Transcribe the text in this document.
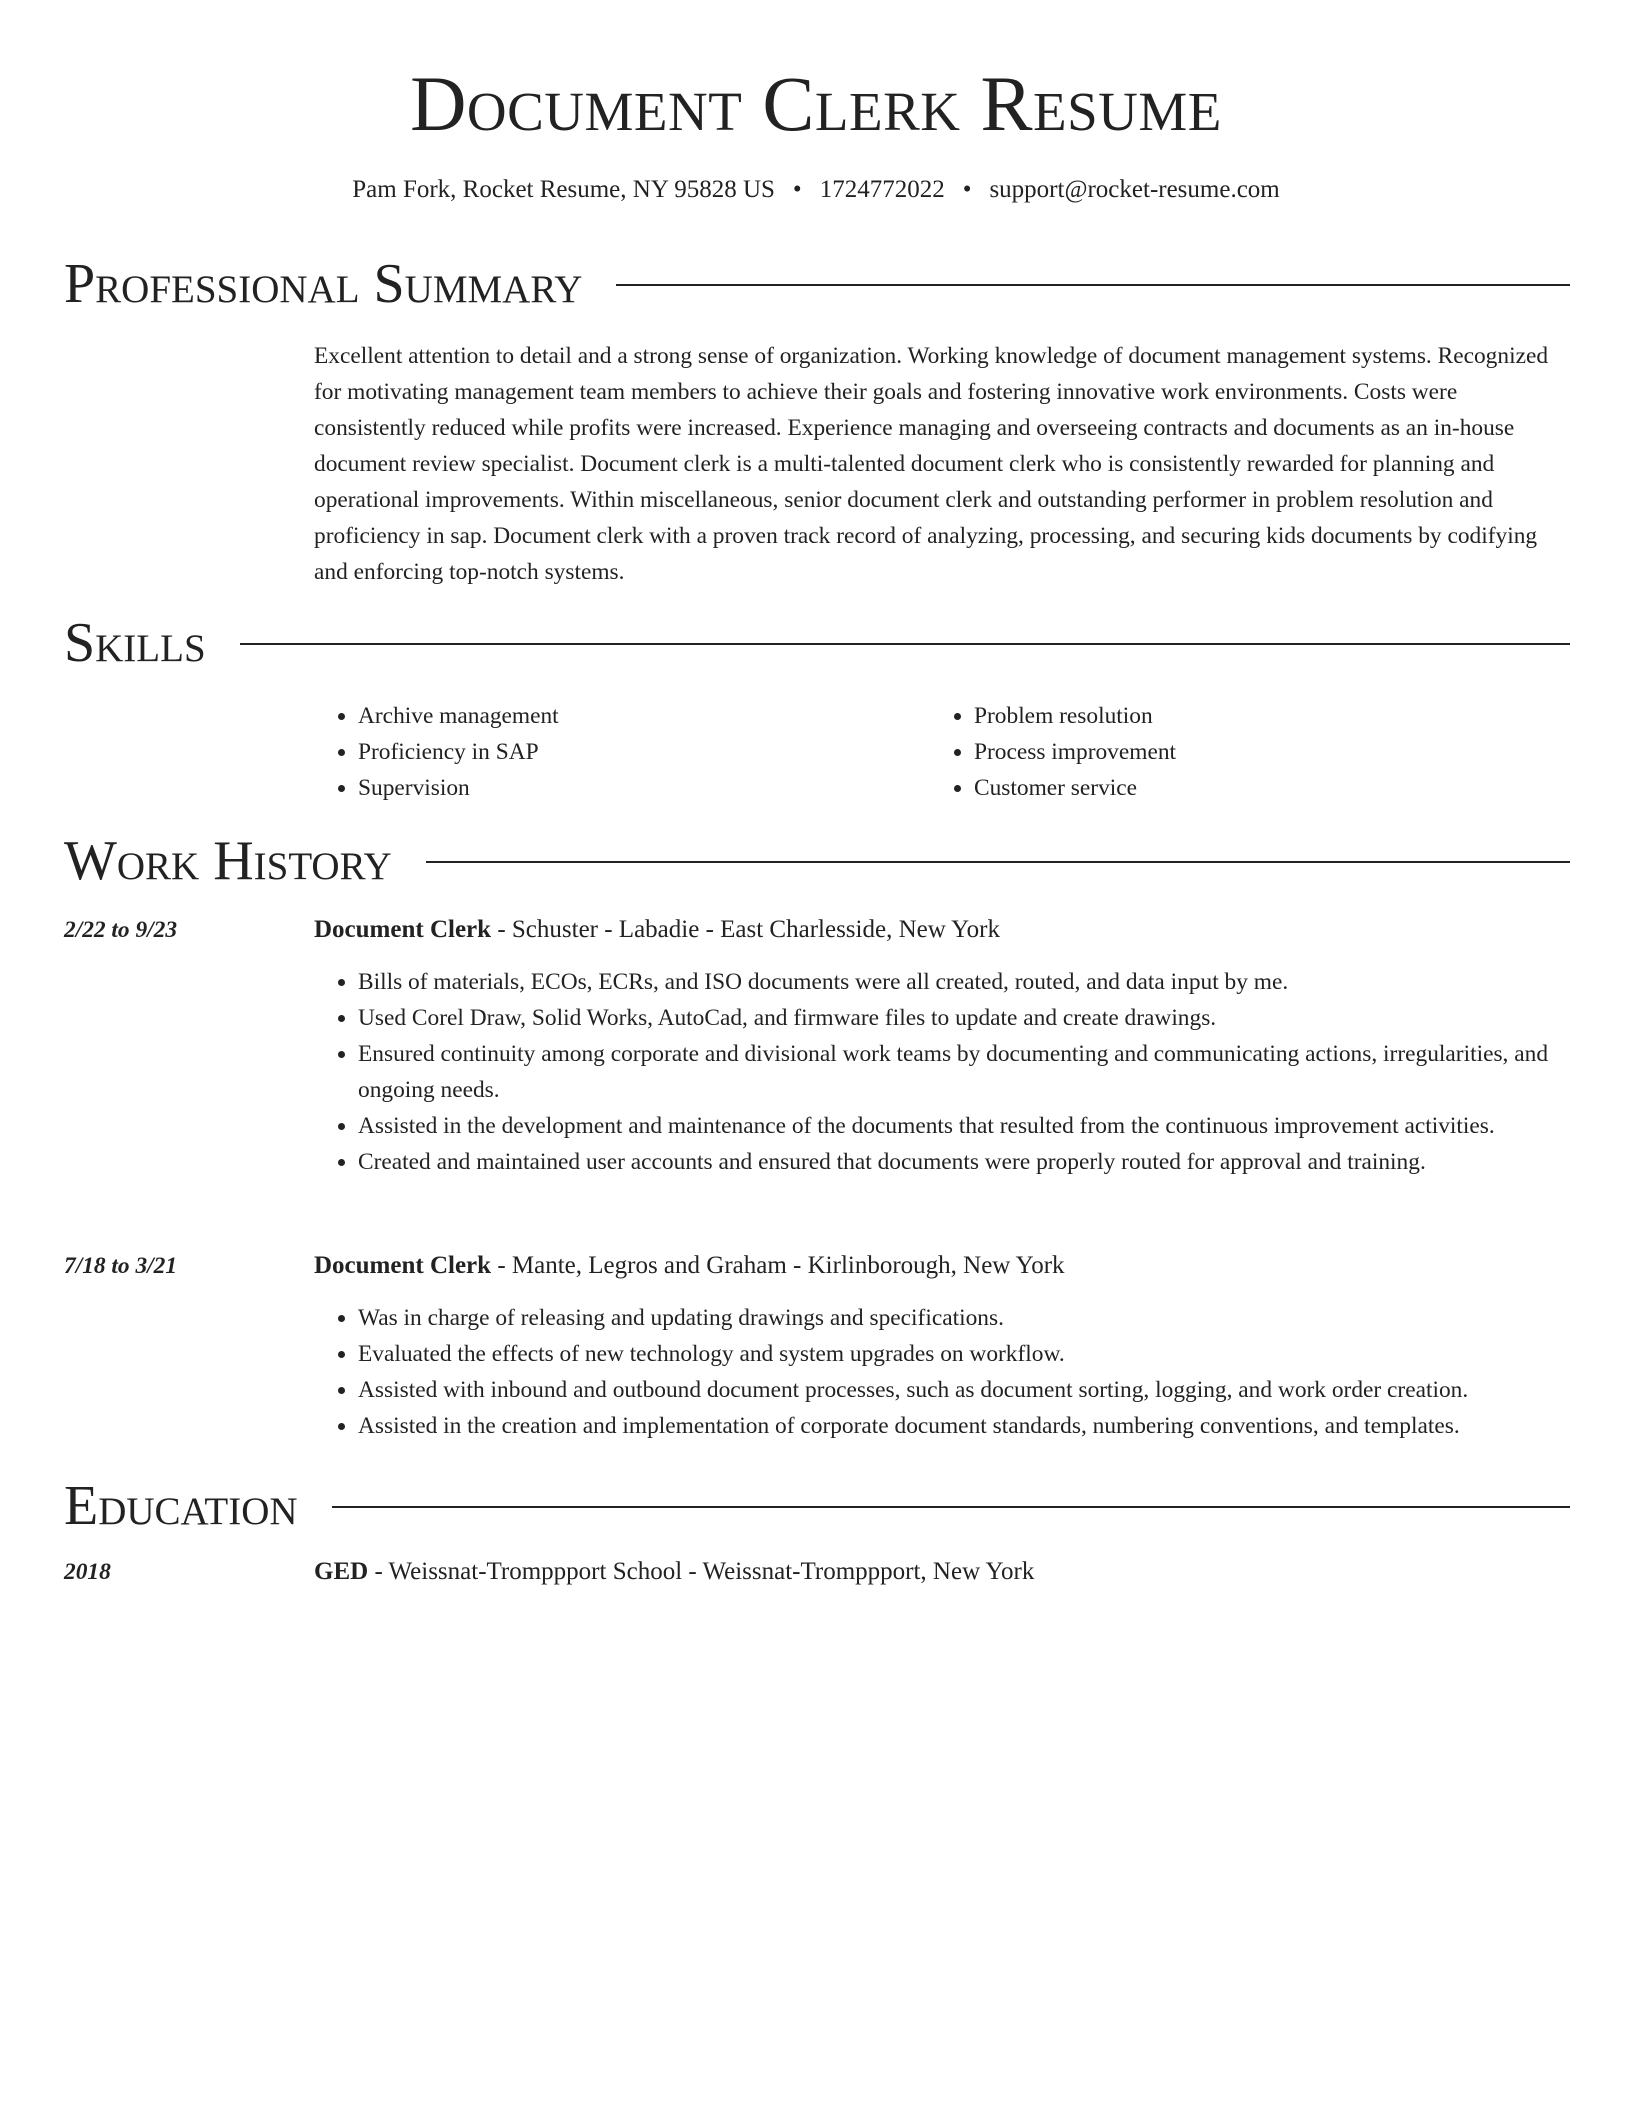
Document Clerk Resume
Pam Fork, Rocket Resume, NY 95828 US • 1724772022 • support@rocket-resume.com
Professional Summary

Excellent attention to detail and a strong sense of organization. Working knowledge of document management systems. Recognized for motivating management team members to achieve their goals and fostering innovative work environments. Costs were consistently reduced while profits were increased. Experience managing and overseeing contracts and documents as an in-house document review specialist. Document clerk is a multi-talented document clerk who is consistently rewarded for planning and operational improvements. Within miscellaneous, senior document clerk and outstanding performer in problem resolution and proficiency in sap. Document clerk with a proven track record of analyzing, processing, and securing kids documents by codifying and enforcing top-notch systems.

Skills
• Archive management
• Proficiency in SAP
• Supervision
• Problem resolution
• Process improvement
• Customer service
Work History
2/22 to 9/23	Document Clerk - Schuster - Labadie - East Charlesside, New York
• Bills of materials, ECOs, ECRs, and ISO documents were all created, routed, and data input by me.
• Used Corel Draw, Solid Works, AutoCad, and firmware files to update and create drawings.
• Ensured continuity among corporate and divisional work teams by documenting and communicating actions, irregularities, and ongoing needs.
• Assisted in the development and maintenance of the documents that resulted from the continuous improvement activities.
• Created and maintained user accounts and ensured that documents were properly routed for approval and training.
7/18 to 3/21	Document Clerk - Mante, Legros and Graham - Kirlinborough, New York
• Was in charge of releasing and updating drawings and specifications.
• Evaluated the effects of new technology and system upgrades on workflow.
• Assisted with inbound and outbound document processes, such as document sorting, logging, and work order creation.
• Assisted in the creation and implementation of corporate document standards, numbering conventions, and templates.
Education
2018	GED - Weissnat-Tromppport School - Weissnat-Tromppport, New York
